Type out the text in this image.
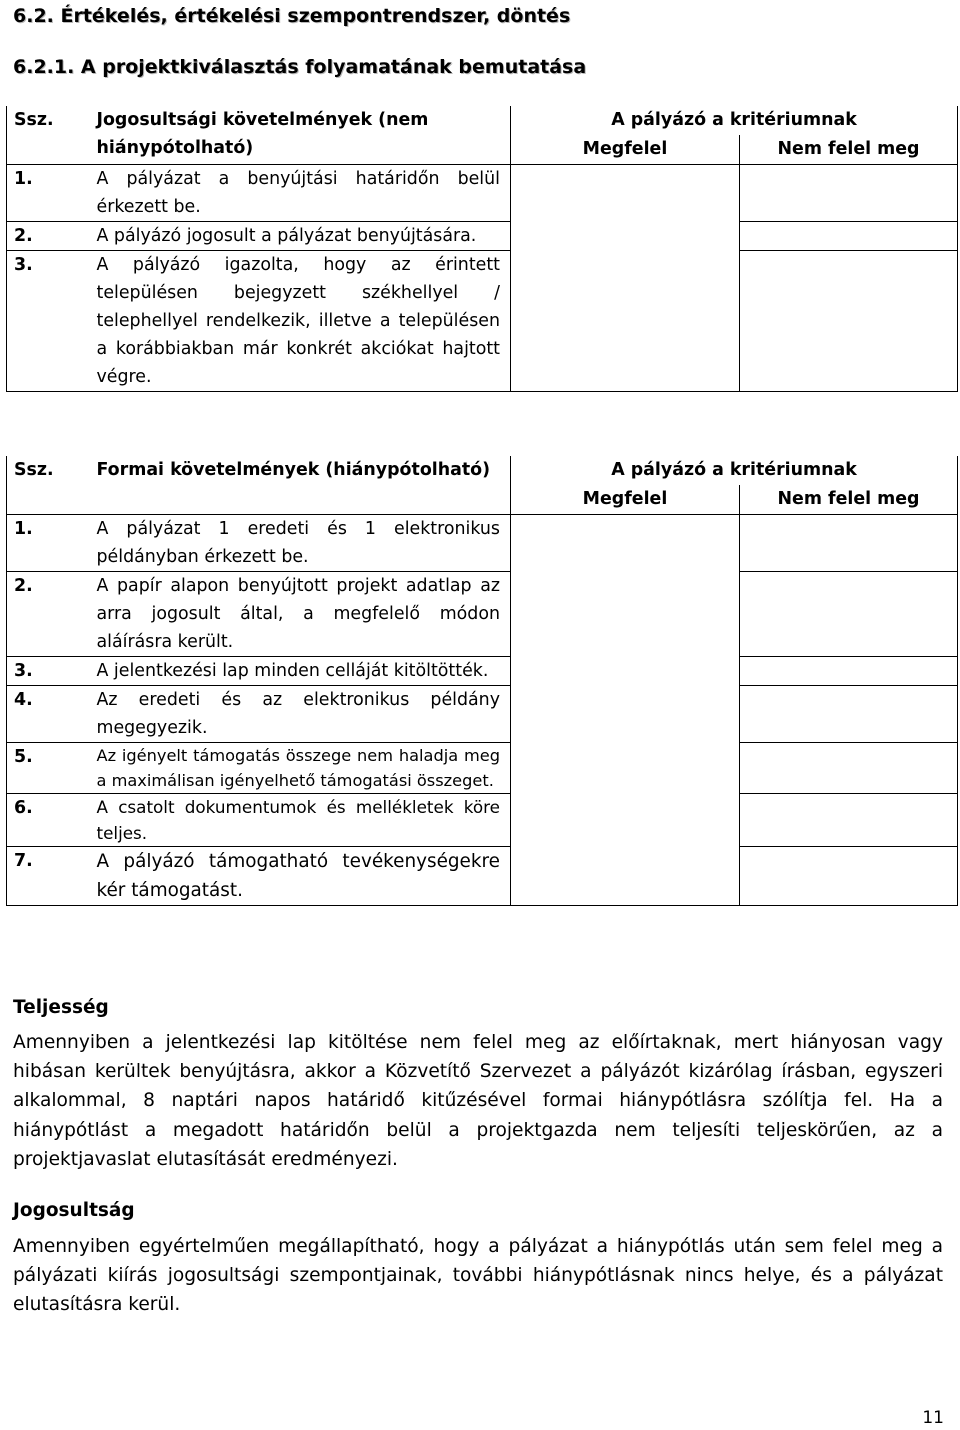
6.2. Értékelés, értékelési szempontrendszer, döntés
6.2.1. A projektkiválasztás folyamatának bemutatása
Ssz.	Jogosultsági követelmények (nem hiánypótolható)	A pályázó a kritériumnak	
		Megfelel	Nem felel meg
1.	A pályázat a benyújtási határidőn belül érkezett be.		
2.	A pályázó jogosult a pályázat benyújtására.		
3.	A pályázó igazolta, hogy az érintett településen bejegyzett székhellyel / telephellyel rendelkezik, illetve a településen a korábbiakban már konkrét akciókat hajtott végre.		
Ssz.	Formai követelmények (hiánypótolható)	A pályázó a kritériumnak	
		Megfelel	Nem felel meg
1.	A pályázat 1 eredeti és 1 elektronikus példányban érkezett be.		
2.	A papír alapon benyújtott projekt adatlap az arra jogosult által, a megfelelő módon aláírásra került.		
3.	A jelentkezési lap minden celláját kitöltötték.		
4.	Az eredeti és az elektronikus példány megegyezik.		
5.	Az igényelt támogatás összege nem haladja meg a maximálisan igényelhető támogatási összeget.		
6.	A csatolt dokumentumok és mellékletek köre teljes.		
7.	A pályázó támogatható tevékenységekre kér támogatást.		

Teljesség

Amennyiben a jelentkezési lap kitöltése nem felel meg az előírtaknak, mert hiányosan vagy hibásan kerültek benyújtásra, akkor a Közvetítő Szervezet a pályázót kizárólag írásban, egyszeri alkalommal, 8 naptári napos határidő kitűzésével formai hiánypótlásra szólítja fel. Ha a hiánypótlást a megadott határidőn belül a projektgazda nem teljesíti teljeskörűen, az a projektjavaslat elutasítását eredményezi.

Jogosultság

Amennyiben egyértelműen megállapítható, hogy a pályázat a hiánypótlás után sem felel meg a pályázati kiírás jogosultsági szempontjainak, további hiánypótlásnak nincs helye, és a pályázat elutasításra kerül.

11
